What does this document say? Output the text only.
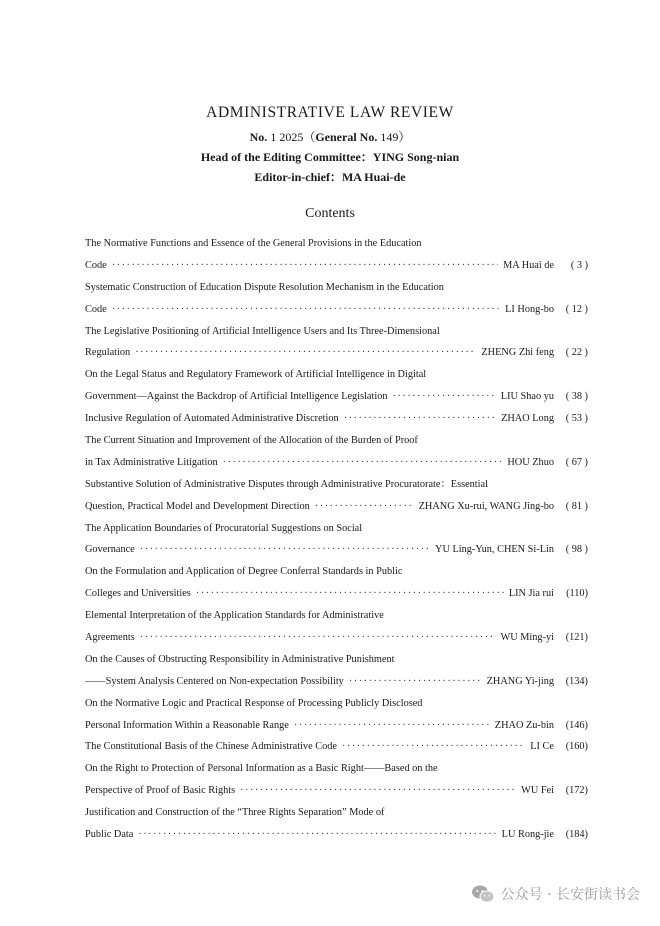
ADMINISTRATIVE LAW REVIEW
No. 1 2025（General No. 149）
Head of the Editing Committee：YING Song-nian
Editor-in-chief：MA Huai-de
Contents
The Normative Functions and Essence of the General Provisions in the Education
Code ·····	MA Huai de	( 3 )
Systematic Construction of Education Dispute Resolution Mechanism in the Education
Code ·····	LI Hong-bo	( 12 )
The Legislative Positioning of Artificial Intelligence Users and Its Three-Dimensional
Regulation ·····	ZHENG Zhi feng	( 22 )
On the Legal Status and Regulatory Framework of Artificial Intelligence in Digital
Government—Against the Backdrop of Artificial Intelligence Legislation ·····	LIU Shao yu	( 38 )
Inclusive Regulation of Automated Administrative Discretion ·····	ZHAO Long	( 53 )
The Current Situation and Improvement of the Allocation of the Burden of Proof
in Tax Administrative Litigation ·····	HOU Zhuo	( 67 )
Substantive Solution of Administrative Disputes through Administrative Procuratorate：Essential
Question, Practical Model and Development Direction ·····	ZHANG Xu-rui, WANG Jing-bo	( 81 )
The Application Boundaries of Procuratorial Suggestions on Social
Governance ·····	YU Ling-Yun, CHEN Si-Lin	( 98 )
On the Formulation and Application of Degree Conferral Standards in Public
Colleges and Universities ·····	LIN Jia rui	(110)
Elemental Interpretation of the Application Standards for Administrative
Agreements ·····	WU Ming-yi	(121)
On the Causes of Obstructing Responsibility in Administrative Punishment
——System Analysis Centered on Non-expectation Possibility ·····	ZHANG Yi-jing	(134)
On the Normative Logic and Practical Response of Processing Publicly Disclosed
Personal Information Within a Reasonable Range ·····	ZHAO Zu-bin	(146)
The Constitutional Basis of the Chinese Administrative Code ·····	LI Ce	(160)
On the Right to Protection of Personal Information as a Basic Right——Based on the
Perspective of Proof of Basic Rights ·····	WU Fei	(172)
Justification and Construction of the “Three Rights Separation” Mode of
Public Data ·····	LU Rong-jie	(184)
公众号 · 长安街读书会
